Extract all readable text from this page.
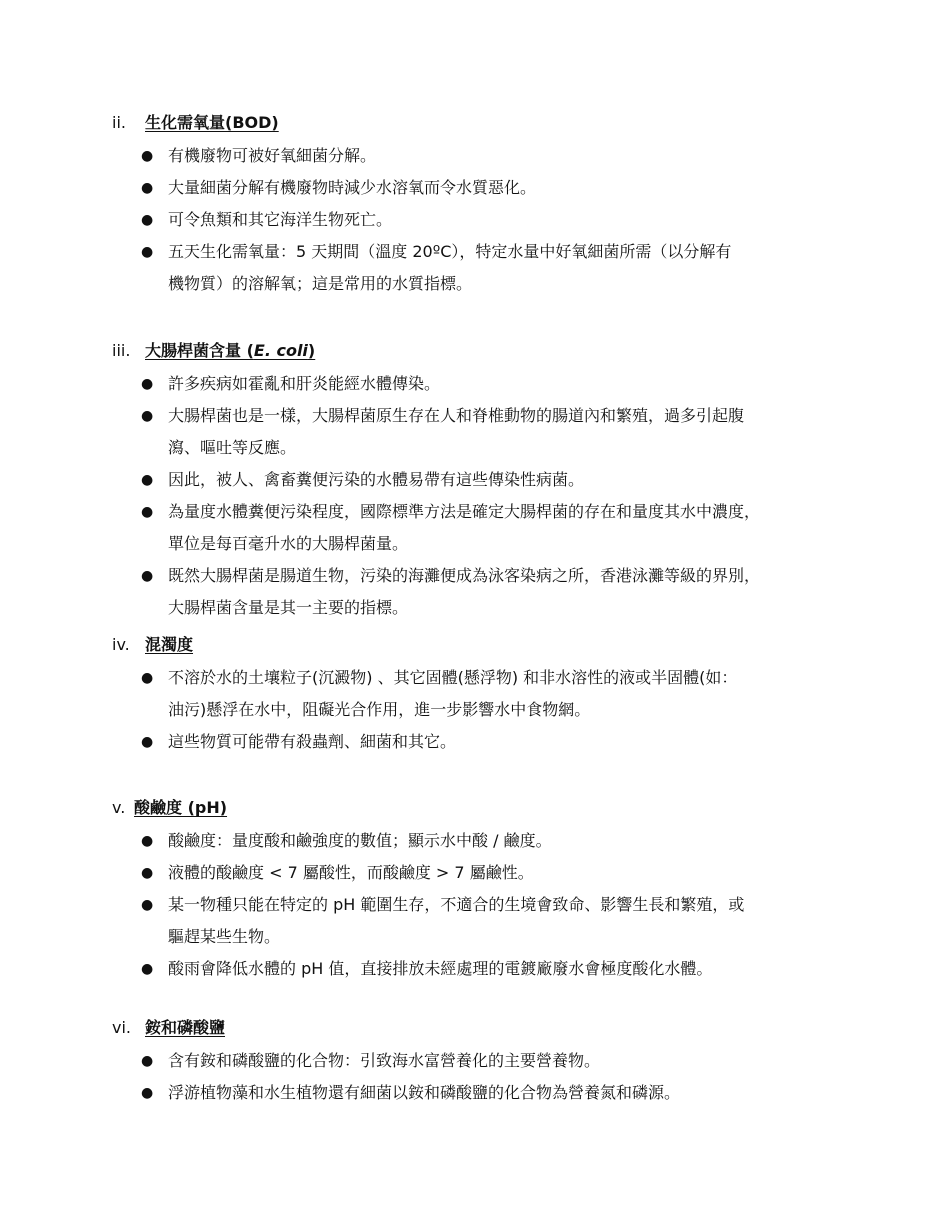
ii. 生化需氧量(BOD)
● 有機廢物可被好氧細菌分解。
● 大量細菌分解有機廢物時減少水溶氧而令水質惡化。
● 可令魚類和其它海洋生物死亡。
● 五天生化需氧量：5 天期間（溫度 20ºC），特定水量中好氧細菌所需（以分解有
機物質）的溶解氧；這是常用的水質指標。
iii. 大腸桿菌含量 (E. coli)
● 許多疾病如霍亂和肝炎能經水體傳染。
● 大腸桿菌也是一樣，大腸桿菌原生存在人和脊椎動物的腸道內和繁殖，過多引起腹
瀉、嘔吐等反應。
● 因此，被人、禽畜糞便污染的水體易帶有這些傳染性病菌。
● 為量度水體糞便污染程度，國際標準方法是確定大腸桿菌的存在和量度其水中濃度，
單位是每百毫升水的大腸桿菌量。
● 既然大腸桿菌是腸道生物，污染的海灘便成為泳客染病之所，香港泳灘等級的界別，
大腸桿菌含量是其一主要的指標。
iv. 混濁度
● 不溶於水的土壤粒子(沉澱物) 、其它固體(懸浮物) 和非水溶性的液或半固體(如：
油污)懸浮在水中，阻礙光合作用，進一步影響水中食物網。
● 這些物質可能帶有殺蟲劑、細菌和其它。
v. 酸鹼度 (pH)
● 酸鹼度：量度酸和鹼強度的數值；顯示水中酸 / 鹼度。
● 液體的酸鹼度 < 7 屬酸性，而酸鹼度 > 7 屬鹼性。
● 某一物種只能在特定的 pH 範圍生存，不適合的生境會致命、影響生長和繁殖，或
驅趕某些生物。
● 酸雨會降低水體的 pH 值，直接排放未經處理的電鍍廠廢水會極度酸化水體。
vi. 銨和磷酸鹽
● 含有銨和磷酸鹽的化合物：引致海水富營養化的主要營養物。
● 浮游植物藻和水生植物還有細菌以銨和磷酸鹽的化合物為營養氮和磷源。
